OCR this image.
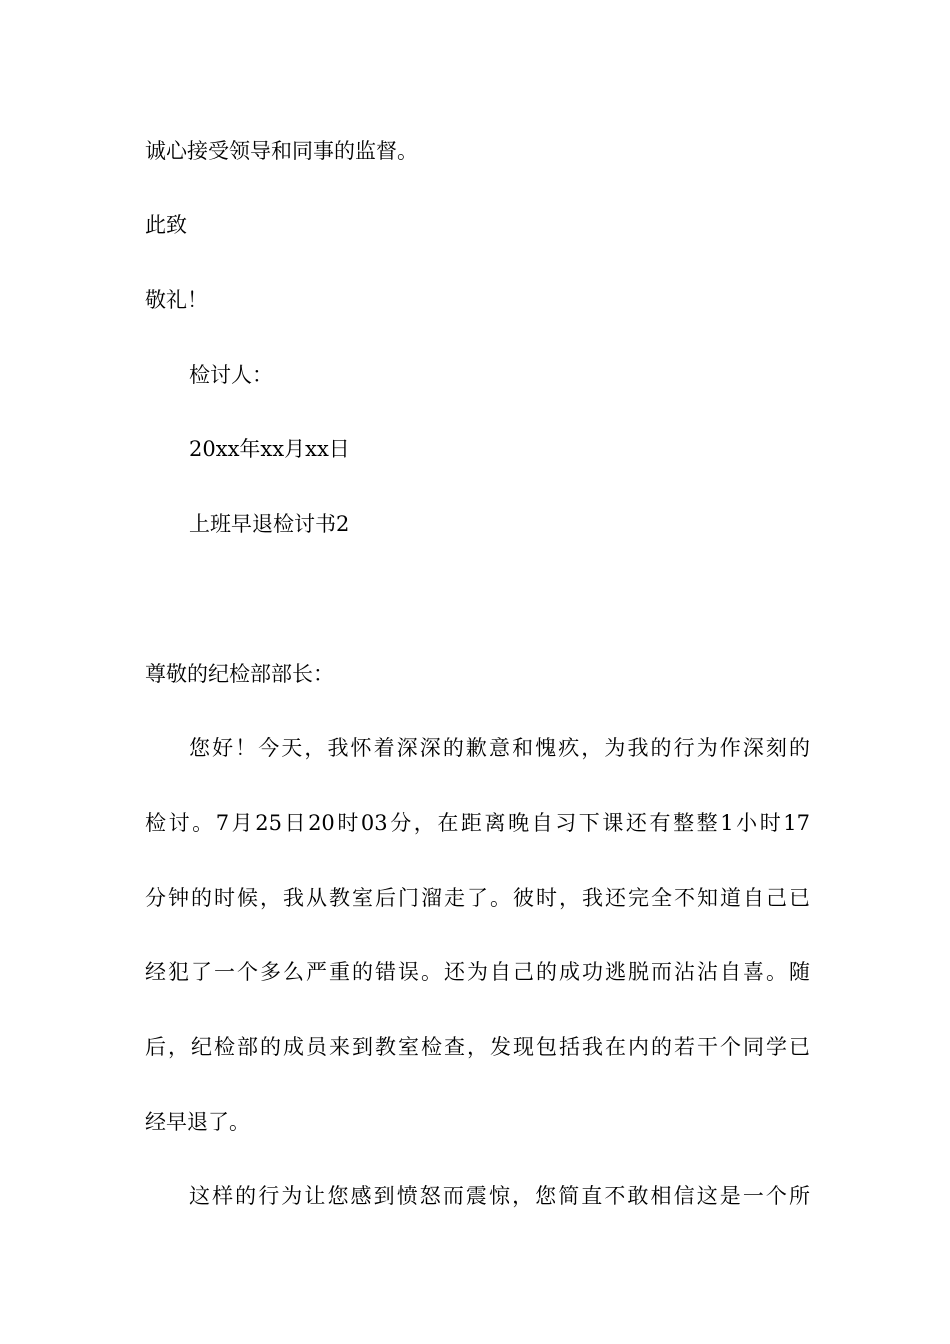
诚心接受领导和同事的监督。
此致
敬礼！
检讨人：
20xx年xx月xx日
上班早退检讨书2
尊敬的纪检部部长：
您好！今天，我怀着深深的歉意和愧疚，为我的行为作深刻的
检讨。7月25日20时03分，在距离晚自习下课还有整整1小时17
分钟的时候，我从教室后门溜走了。彼时，我还完全不知道自己已
经犯了一个多么严重的错误。还为自己的成功逃脱而沾沾自喜。随
后，纪检部的成员来到教室检查，发现包括我在内的若干个同学已
经早退了。
这样的行为让您感到愤怒而震惊，您简直不敢相信这是一个所
